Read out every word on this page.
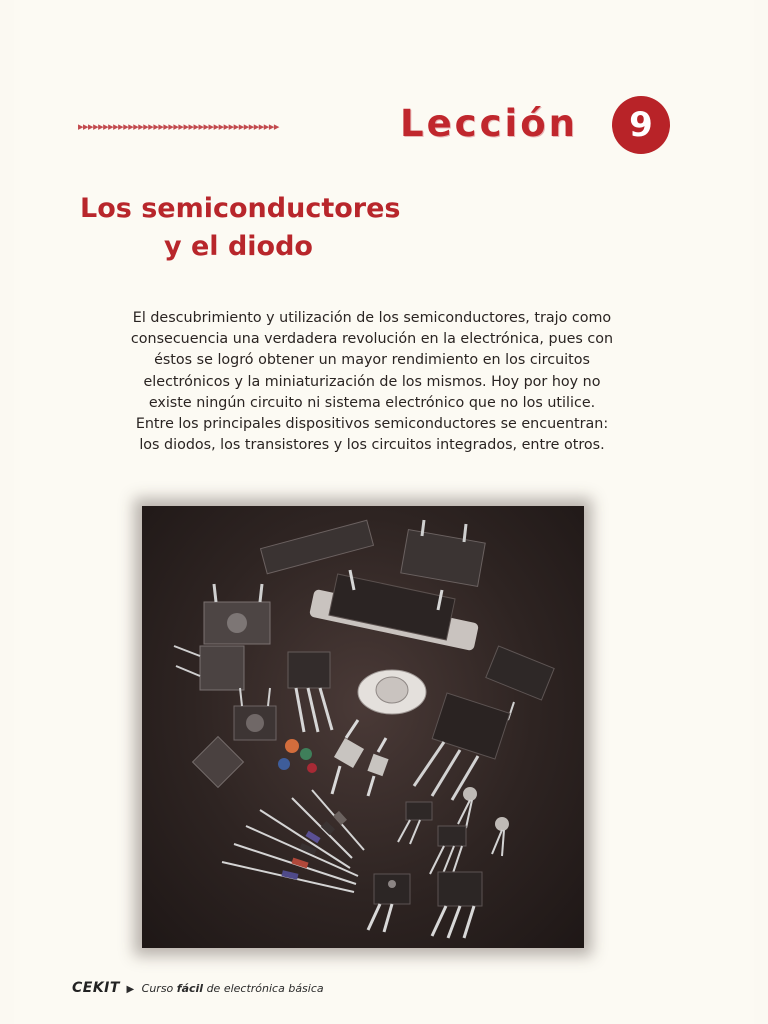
▸▸▸▸▸▸▸▸▸▸▸▸▸▸▸▸▸▸▸▸▸▸▸▸▸▸▸▸▸▸▸▸▸▸▸▸▸▸▸▸	Lección	9
Los semiconductores
y el diodo
El descubrimiento y utilización de los semiconductores, trajo como
consecuencia una verdadera revolución en la electrónica, pues con
éstos se logró obtener un mayor rendimiento en los circuitos
electrónicos y la miniaturización de los mismos. Hoy por hoy no
existe ningún circuito ni sistema electrónico que no los utilice.
Entre los principales dispositivos semiconductores se encuentran:
los diodos, los transistores y los circuitos integrados, entre otros.
CEKIT ▶ Curso fácil de electrónica básica
